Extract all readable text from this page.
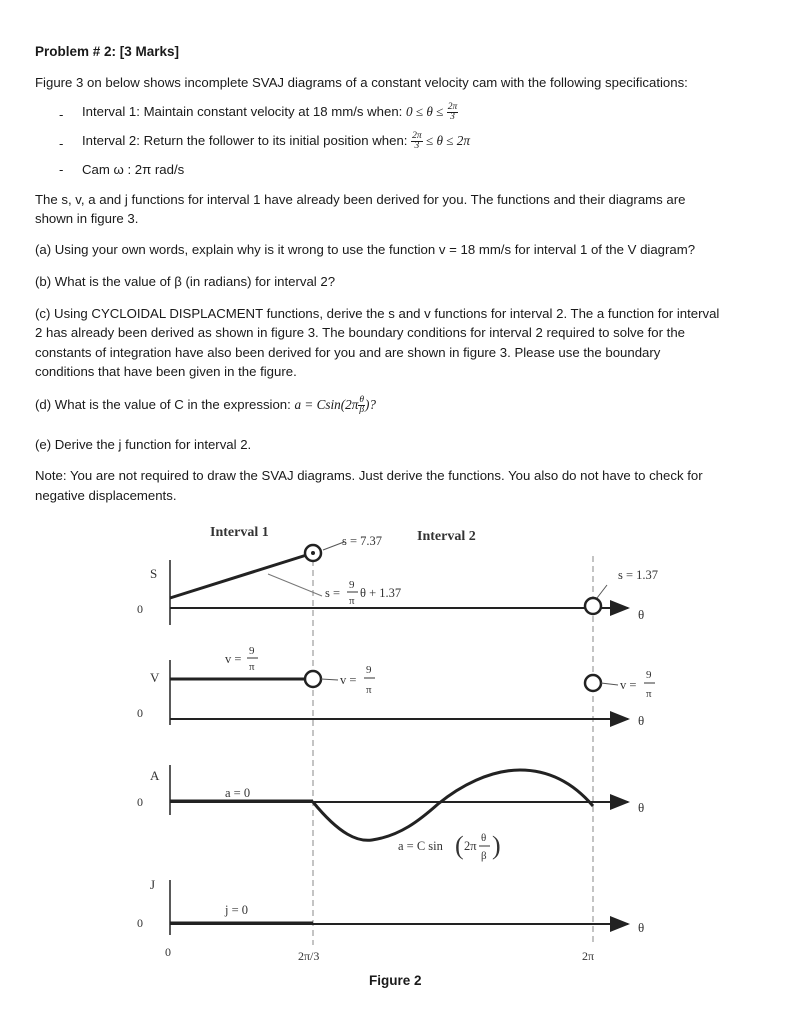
Problem # 2: [3 Marks]
Figure 3 on below shows incomplete SVAJ diagrams of a constant velocity cam with the following specifications:
- Interval 1: Maintain constant velocity at 18 mm/s when: $0 \le \theta \le \frac{2\pi}{3}$
- Interval 2: Return the follower to its initial position when: $\frac{2\pi}{3} \le \theta \le 2\pi$
- Cam ω : 2π rad/s
The s, v, a and j functions for interval 1 have already been derived for you. The functions and their diagrams are
shown in figure 3.
(a) Using your own words, explain why is it wrong to use the function v = 18 mm/s for interval 1 of the V diagram?
(b) What is the value of β (in radians) for interval 2?
(c) Using CYCLOIDAL DISPLACMENT functions, derive the s and v functions for interval 2. The a function for interval
2 has already been derived as shown in figure 3. The boundary conditions for interval 2 required to solve for the
constants of integration have also been derived for you and are shown in figure 3. Please use the boundary
conditions that have been given in the figure.
(d) What is the value of C in the expression: $a = Csin(2\pi \frac{\theta}{\beta}$ )?
(e) Derive the j function for interval 2.
Note: You are not required to draw the SVAJ diagrams. Just derive the functions. You also do not have to check for
negative displacements.
Interval 1	Interval 2
S
0	θ
s = 7.37
s =
9
π
θ + 1.37
s = 1.37
V
0	θ
v =
9
π
v =
9
π	v =
9
π
A
0	θ
a = 0
a = C sin ( 2π
θ
β )
J
0	θ
j = 0
0	2π/3	2π
Figure 2
